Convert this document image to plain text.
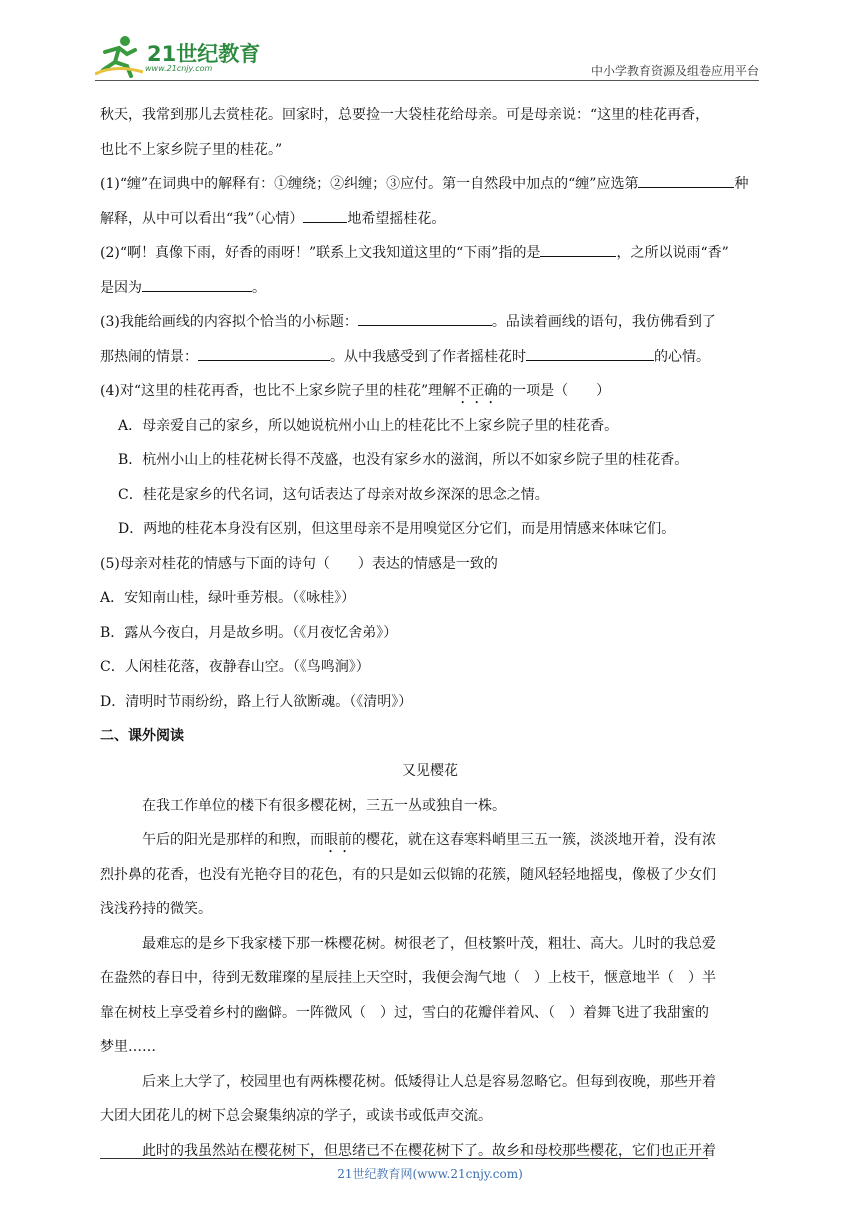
21世纪教育
www.21cnjy.com	中小学教育资源及组卷应用平台

秋天，我常到那儿去赏桂花。回家时，总要捡一大袋桂花给母亲。可是母亲说：“这里的桂花再香，

也比不上家乡院子里的桂花。”

(1)“缠”在词典中的解释有：①缠绕；②纠缠；③应付。第一自然段中加点的“缠”应选第	种

解释，从中可以看出“我”（心情）	地希望摇桂花。

(2)“啊！真像下雨，好香的雨呀！”联系上文我知道这里的“下雨”指的是	，之所以说雨“香”

是因为	。

(3)我能给画线的内容拟个恰当的小标题：	。品读着画线的语句，我仿佛看到了

那热闹的情景：	。从中我感受到了作者摇桂花时	的心情。

(4)对“这里的桂花再香，也比不上家乡院子里的桂花”理解不正确的一项是（　　）

A．母亲爱自己的家乡，所以她说杭州小山上的桂花比不上家乡院子里的桂花香。

B．杭州小山上的桂花树长得不茂盛，也没有家乡水的滋润，所以不如家乡院子里的桂花香。

C．桂花是家乡的代名词，这句话表达了母亲对故乡深深的思念之情。

D．两地的桂花本身没有区别，但这里母亲不是用嗅觉区分它们，而是用情感来体味它们。

(5)母亲对桂花的情感与下面的诗句（　　）表达的情感是一致的

A．安知南山桂，绿叶垂芳根。（《咏桂》）

B．露从今夜白，月是故乡明。（《月夜忆舍弟》）

C．人闲桂花落，夜静春山空。（《鸟鸣涧》）

D．清明时节雨纷纷，路上行人欲断魂。（《清明》）

二、课外阅读

又见樱花

在我工作单位的楼下有很多樱花树，三五一丛或独自一株。

午后的阳光是那样的和煦，而眼前的樱花，就在这春寒料峭里三五一簇，淡淡地开着，没有浓

烈扑鼻的花香，也没有光艳夺目的花色，有的只是如云似锦的花簇，随风轻轻地摇曳，像极了少女们

浅浅矜持的微笑。

最难忘的是乡下我家楼下那一株樱花树。树很老了，但枝繁叶茂，粗壮、高大。儿时的我总爱

在盎然的春日中，待到无数璀璨的星辰挂上天空时，我便会淘气地（　）上枝干，惬意地半（　）半

靠在树枝上享受着乡村的幽僻。一阵微风（　）过，雪白的花瓣伴着风、（　）着舞飞进了我甜蜜的

梦里……

后来上大学了，校园里也有两株樱花树。低矮得让人总是容易忽略它。但每到夜晚，那些开着

大团大团花儿的树下总会聚集纳凉的学子，或读书或低声交流。

此时的我虽然站在樱花树下，但思绪已不在樱花树下了。故乡和母校那些樱花，它们也正开着

21世纪教育网(www.21cnjy.com)
